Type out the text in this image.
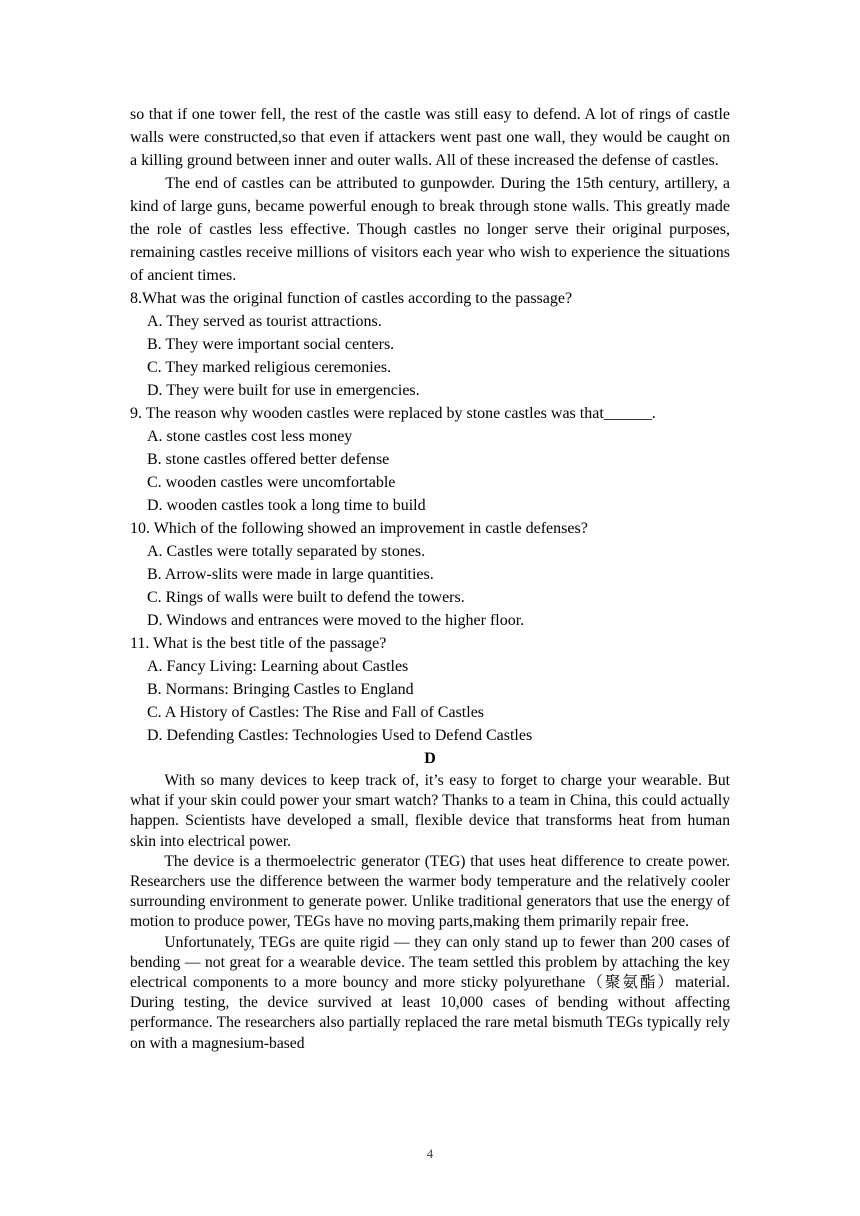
so that if one tower fell, the rest of the castle was still easy to defend. A lot of rings of castle walls were constructed,so that even if attackers went past one wall, they would be caught on a killing ground between inner and outer walls. All of these increased the defense of castles.

The end of castles can be attributed to gunpowder. During the 15th century, artillery, a kind of large guns, became powerful enough to break through stone walls. This greatly made the role of castles less effective. Though castles no longer serve their original purposes, remaining castles receive millions of visitors each year who wish to experience the situations of ancient times.

8.What was the original function of castles according to the passage?

A. They served as tourist attractions.

B. They were important social centers.

C. They marked religious ceremonies.

D. They were built for use in emergencies.

9. The reason why wooden castles were replaced by stone castles was that______.

A. stone castles cost less money

B. stone castles offered better defense

C. wooden castles were uncomfortable

D. wooden castles took a long time to build

10. Which of the following showed an improvement in castle defenses?

A. Castles were totally separated by stones.

B. Arrow-slits were made in large quantities.

C. Rings of walls were built to defend the towers.

D. Windows and entrances were moved to the higher floor.

11. What is the best title of the passage?

A. Fancy Living: Learning about Castles

B. Normans: Bringing Castles to England

C. A History of Castles: The Rise and Fall of Castles

D. Defending Castles: Technologies Used to Defend Castles

D

With so many devices to keep track of, it’s easy to forget to charge your wearable. But what if your skin could power your smart watch? Thanks to a team in China, this could actually happen. Scientists have developed a small, flexible device that transforms heat from human skin into electrical power.

The device is a thermoelectric generator (TEG) that uses heat difference to create power. Researchers use the difference between the warmer body temperature and the relatively cooler surrounding environment to generate power. Unlike traditional generators that use the energy of motion to produce power, TEGs have no moving parts,making them primarily repair free.

Unfortunately, TEGs are quite rigid — they can only stand up to fewer than 200 cases of bending — not great for a wearable device. The team settled this problem by attaching the key electrical components to a more bouncy and more sticky polyurethane（聚氨酯）material. During testing, the device survived at least 10,000 cases of bending without affecting performance. The researchers also partially replaced the rare metal bismuth TEGs typically rely on with a magnesium-based

4
